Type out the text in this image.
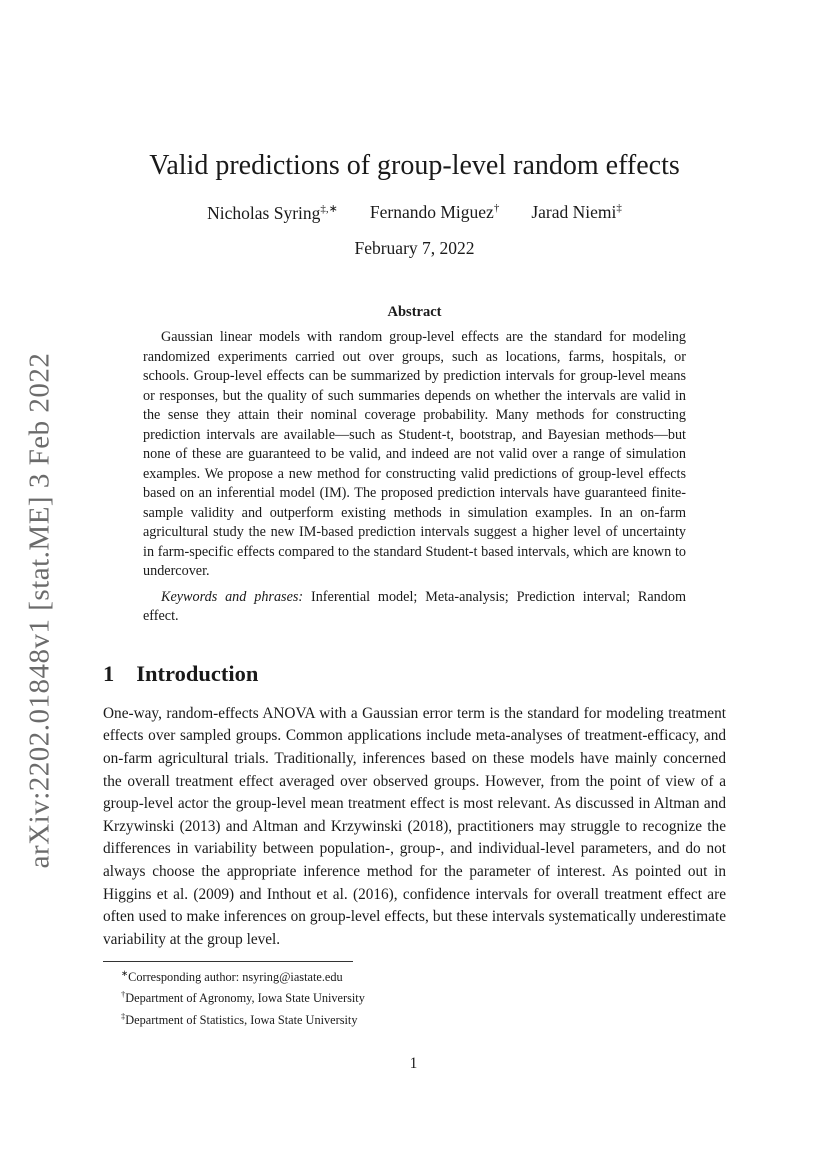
arXiv:2202.01848v1 [stat.ME] 3 Feb 2022
Valid predictions of group-level random effects
Nicholas Syring‡,∗ Fernando Miguez† Jarad Niemi‡
February 7, 2022
Abstract

Gaussian linear models with random group-level effects are the standard for modeling randomized experiments carried out over groups, such as locations, farms, hospitals, or schools. Group-level effects can be summarized by prediction intervals for group-level means or responses, but the quality of such summaries depends on whether the intervals are valid in the sense they attain their nominal coverage probability. Many methods for constructing prediction intervals are available—such as Student-t, bootstrap, and Bayesian methods—but none of these are guaranteed to be valid, and indeed are not valid over a range of simulation examples. We propose a new method for constructing valid predictions of group-level effects based on an inferential model (IM). The proposed prediction intervals have guaranteed finite-sample validity and outperform existing methods in simulation examples. In an on-farm agricultural study the new IM-based prediction intervals suggest a higher level of uncertainty in farm-specific effects compared to the standard Student-t based intervals, which are known to undercover.

Keywords and phrases: Inferential model; Meta-analysis; Prediction interval; Random effect.

1 Introduction

One-way, random-effects ANOVA with a Gaussian error term is the standard for modeling treatment effects over sampled groups. Common applications include meta-analyses of treatment-efficacy, and on-farm agricultural trials. Traditionally, inferences based on these models have mainly concerned the overall treatment effect averaged over observed groups. However, from the point of view of a group-level actor the group-level mean treatment effect is most relevant. As discussed in Altman and Krzywinski (2013) and Altman and Krzywinski (2018), practitioners may struggle to recognize the differences in variability between population-, group-, and individual-level parameters, and do not always choose the appropriate inference method for the parameter of interest. As pointed out in Higgins et al. (2009) and Inthout et al. (2016), confidence intervals for overall treatment effect are often used to make inferences on group-level effects, but these intervals systematically underestimate variability at the group level.

∗Corresponding author: nsyring@iastate.edu
†Department of Agronomy, Iowa State University
‡Department of Statistics, Iowa State University
1
